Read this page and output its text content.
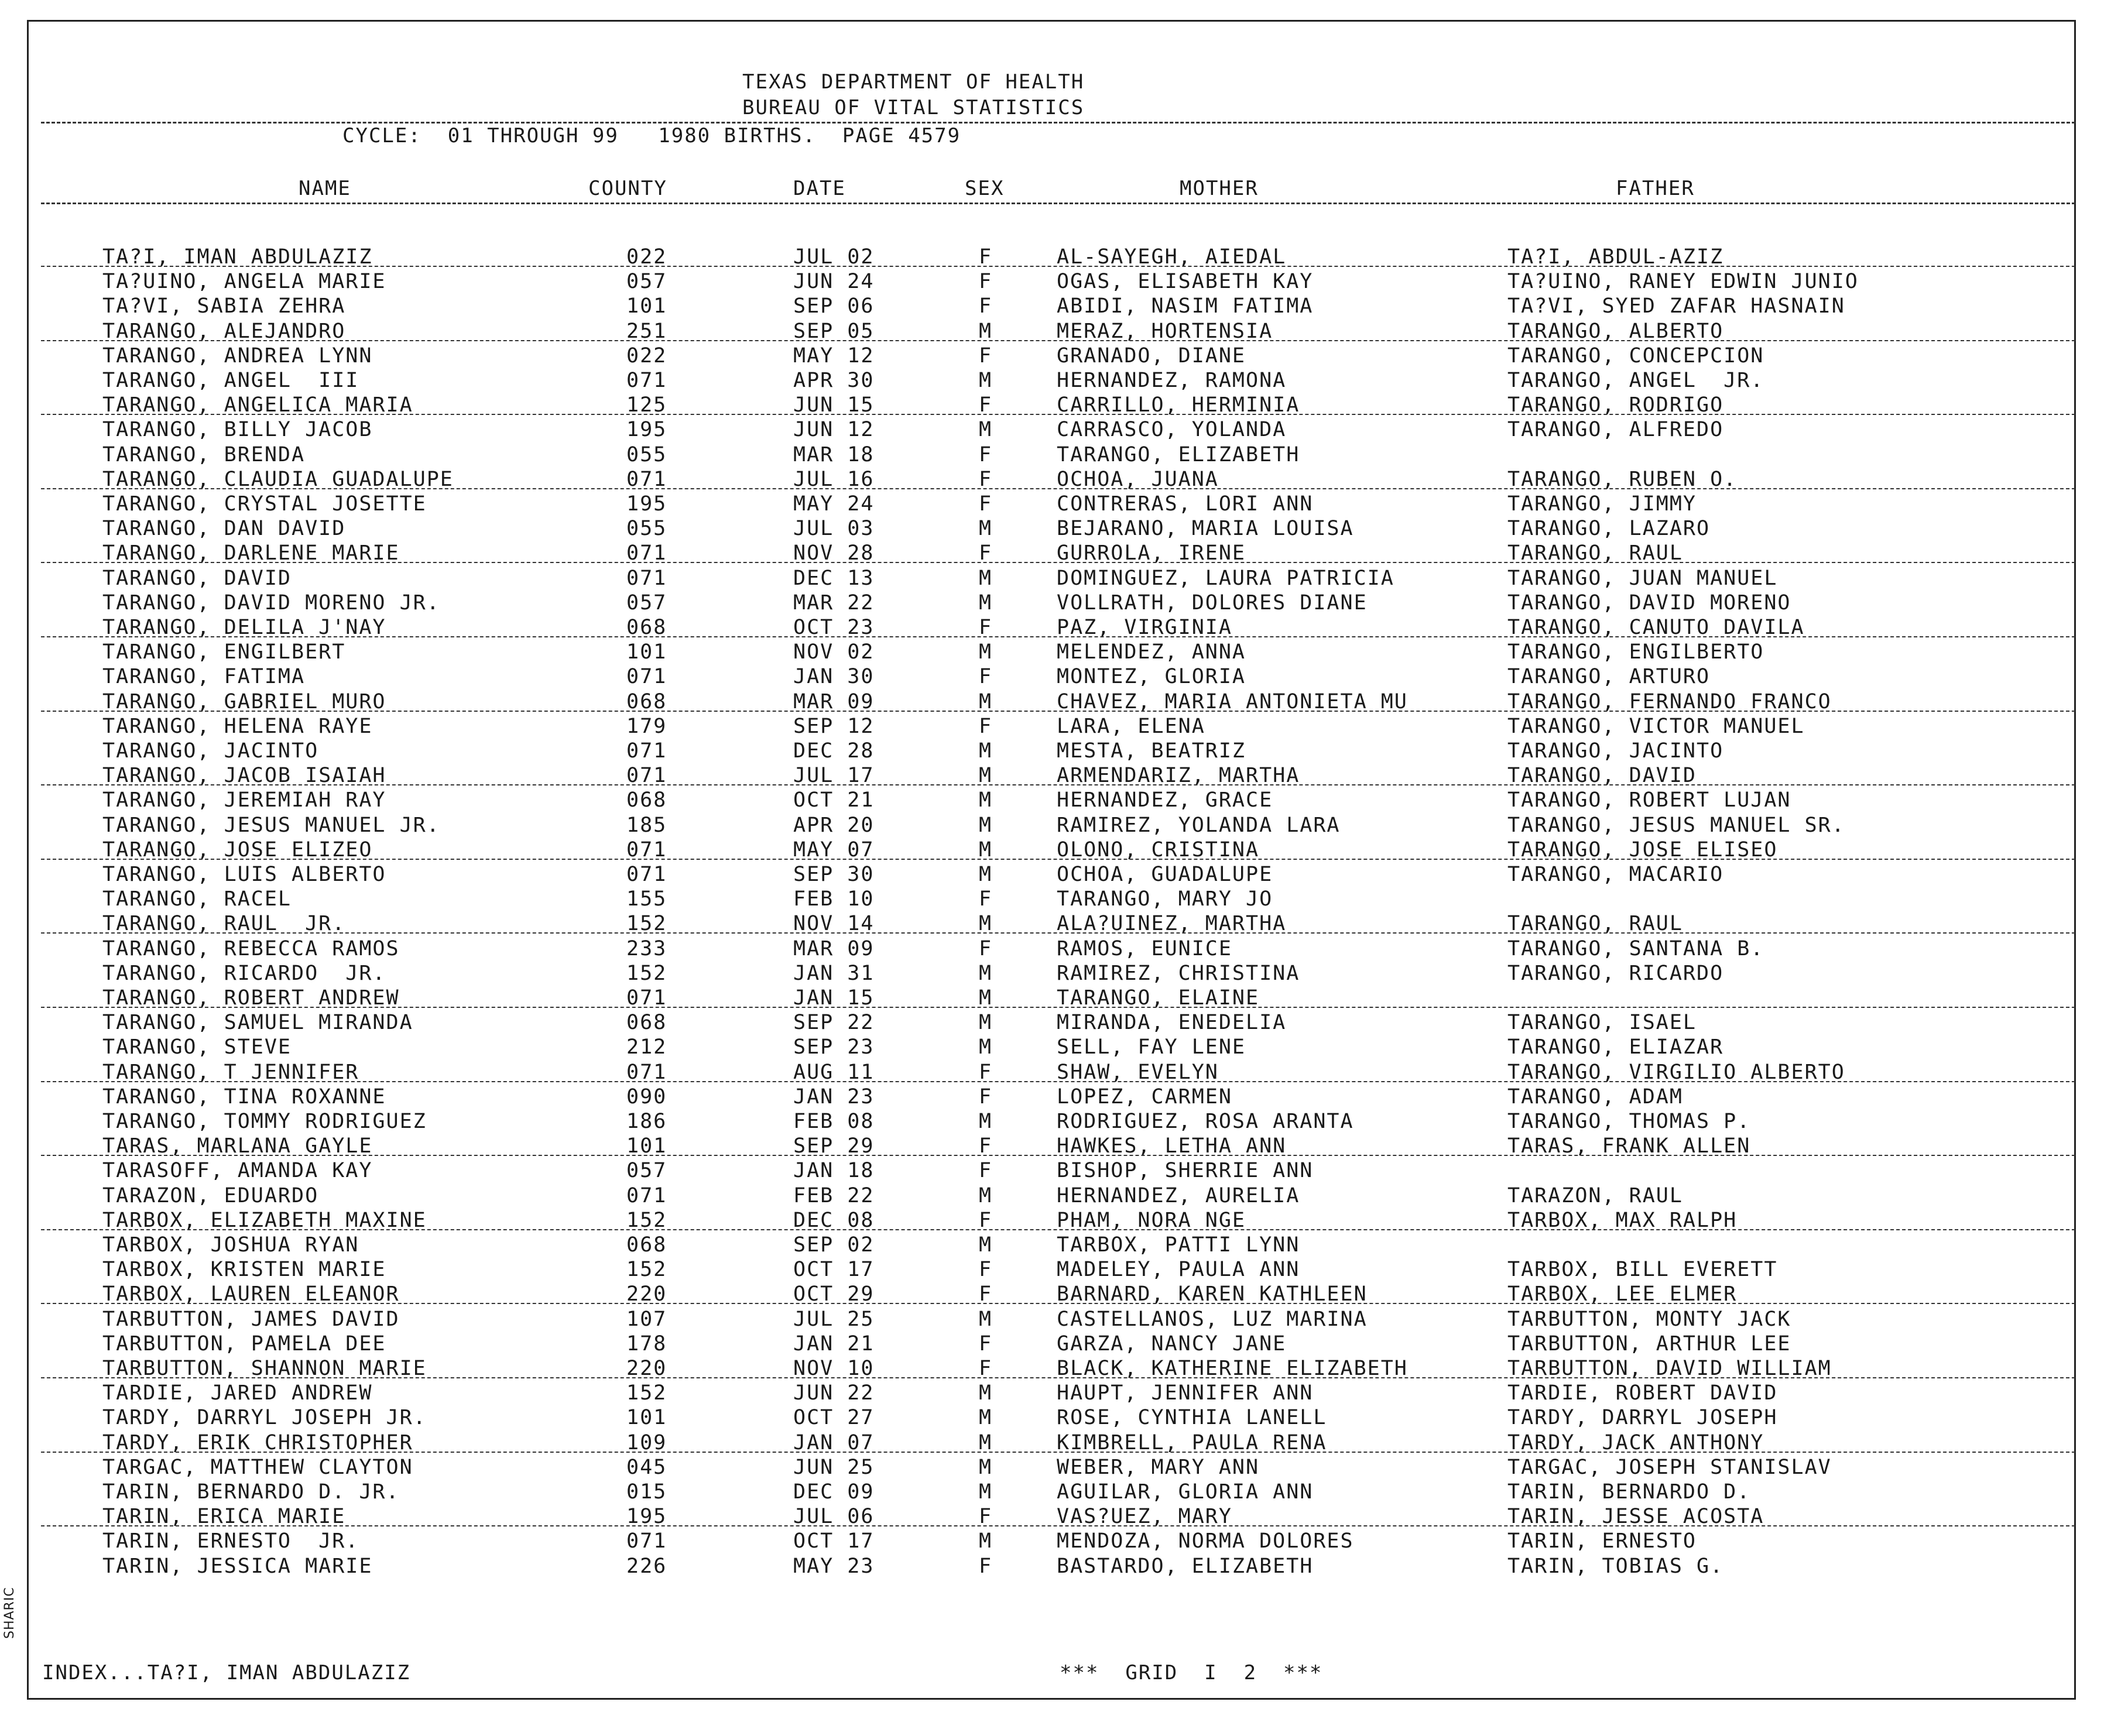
TEXAS DEPARTMENT OF HEALTH
BUREAU OF VITAL STATISTICS
CYCLE:  01 THROUGH 99   1980 BIRTHS.  PAGE 4579
NAME	COUNTY	DATE	SEX	MOTHER	FATHER
TA?I, IMAN ABDULAZIZ	022	JUL 02	F	AL-SAYEGH, AIEDAL	TA?I, ABDUL-AZIZ
TA?UINO, ANGELA MARIE	057	JUN 24	F	OGAS, ELISABETH KAY	TA?UINO, RANEY EDWIN JUNIO
TA?VI, SABIA ZEHRA	101	SEP 06	F	ABIDI, NASIM FATIMA	TA?VI, SYED ZAFAR HASNAIN
TARANGO, ALEJANDRO	251	SEP 05	M	MERAZ, HORTENSIA	TARANGO, ALBERTO
TARANGO, ANDREA LYNN	022	MAY 12	F	GRANADO, DIANE	TARANGO, CONCEPCION
TARANGO, ANGEL  III	071	APR 30	M	HERNANDEZ, RAMONA	TARANGO, ANGEL  JR.
TARANGO, ANGELICA MARIA	125	JUN 15	F	CARRILLO, HERMINIA	TARANGO, RODRIGO
TARANGO, BILLY JACOB	195	JUN 12	M	CARRASCO, YOLANDA	TARANGO, ALFREDO
TARANGO, BRENDA	055	MAR 18	F	TARANGO, ELIZABETH
TARANGO, CLAUDIA GUADALUPE	071	JUL 16	F	OCHOA, JUANA	TARANGO, RUBEN O.
TARANGO, CRYSTAL JOSETTE	195	MAY 24	F	CONTRERAS, LORI ANN	TARANGO, JIMMY
TARANGO, DAN DAVID	055	JUL 03	M	BEJARANO, MARIA LOUISA	TARANGO, LAZARO
TARANGO, DARLENE MARIE	071	NOV 28	F	GURROLA, IRENE	TARANGO, RAUL
TARANGO, DAVID	071	DEC 13	M	DOMINGUEZ, LAURA PATRICIA	TARANGO, JUAN MANUEL
TARANGO, DAVID MORENO JR.	057	MAR 22	M	VOLLRATH, DOLORES DIANE	TARANGO, DAVID MORENO
TARANGO, DELILA J'NAY	068	OCT 23	F	PAZ, VIRGINIA	TARANGO, CANUTO DAVILA
TARANGO, ENGILBERT	101	NOV 02	M	MELENDEZ, ANNA	TARANGO, ENGILBERTO
TARANGO, FATIMA	071	JAN 30	F	MONTEZ, GLORIA	TARANGO, ARTURO
TARANGO, GABRIEL MURO	068	MAR 09	M	CHAVEZ, MARIA ANTONIETA MU	TARANGO, FERNANDO FRANCO
TARANGO, HELENA RAYE	179	SEP 12	F	LARA, ELENA	TARANGO, VICTOR MANUEL
TARANGO, JACINTO	071	DEC 28	M	MESTA, BEATRIZ	TARANGO, JACINTO
TARANGO, JACOB ISAIAH	071	JUL 17	M	ARMENDARIZ, MARTHA	TARANGO, DAVID
TARANGO, JEREMIAH RAY	068	OCT 21	M	HERNANDEZ, GRACE	TARANGO, ROBERT LUJAN
TARANGO, JESUS MANUEL JR.	185	APR 20	M	RAMIREZ, YOLANDA LARA	TARANGO, JESUS MANUEL SR.
TARANGO, JOSE ELIZEO	071	MAY 07	M	OLONO, CRISTINA	TARANGO, JOSE ELISEO
TARANGO, LUIS ALBERTO	071	SEP 30	M	OCHOA, GUADALUPE	TARANGO, MACARIO
TARANGO, RACEL	155	FEB 10	F	TARANGO, MARY JO
TARANGO, RAUL  JR.	152	NOV 14	M	ALA?UINEZ, MARTHA	TARANGO, RAUL
TARANGO, REBECCA RAMOS	233	MAR 09	F	RAMOS, EUNICE	TARANGO, SANTANA B.
TARANGO, RICARDO  JR.	152	JAN 31	M	RAMIREZ, CHRISTINA	TARANGO, RICARDO
TARANGO, ROBERT ANDREW	071	JAN 15	M	TARANGO, ELAINE
TARANGO, SAMUEL MIRANDA	068	SEP 22	M	MIRANDA, ENEDELIA	TARANGO, ISAEL
TARANGO, STEVE	212	SEP 23	M	SELL, FAY LENE	TARANGO, ELIAZAR
TARANGO, T JENNIFER	071	AUG 11	F	SHAW, EVELYN	TARANGO, VIRGILIO ALBERTO
TARANGO, TINA ROXANNE	090	JAN 23	F	LOPEZ, CARMEN	TARANGO, ADAM
TARANGO, TOMMY RODRIGUEZ	186	FEB 08	M	RODRIGUEZ, ROSA ARANTA	TARANGO, THOMAS P.
TARAS, MARLANA GAYLE	101	SEP 29	F	HAWKES, LETHA ANN	TARAS, FRANK ALLEN
TARASOFF, AMANDA KAY	057	JAN 18	F	BISHOP, SHERRIE ANN
TARAZON, EDUARDO	071	FEB 22	M	HERNANDEZ, AURELIA	TARAZON, RAUL
TARBOX, ELIZABETH MAXINE	152	DEC 08	F	PHAM, NORA NGE	TARBOX, MAX RALPH
TARBOX, JOSHUA RYAN	068	SEP 02	M	TARBOX, PATTI LYNN
TARBOX, KRISTEN MARIE	152	OCT 17	F	MADELEY, PAULA ANN	TARBOX, BILL EVERETT
TARBOX, LAUREN ELEANOR	220	OCT 29	F	BARNARD, KAREN KATHLEEN	TARBOX, LEE ELMER
TARBUTTON, JAMES DAVID	107	JUL 25	M	CASTELLANOS, LUZ MARINA	TARBUTTON, MONTY JACK
TARBUTTON, PAMELA DEE	178	JAN 21	F	GARZA, NANCY JANE	TARBUTTON, ARTHUR LEE
TARBUTTON, SHANNON MARIE	220	NOV 10	F	BLACK, KATHERINE ELIZABETH	TARBUTTON, DAVID WILLIAM
TARDIE, JARED ANDREW	152	JUN 22	M	HAUPT, JENNIFER ANN	TARDIE, ROBERT DAVID
TARDY, DARRYL JOSEPH JR.	101	OCT 27	M	ROSE, CYNTHIA LANELL	TARDY, DARRYL JOSEPH
TARDY, ERIK CHRISTOPHER	109	JAN 07	M	KIMBRELL, PAULA RENA	TARDY, JACK ANTHONY
TARGAC, MATTHEW CLAYTON	045	JUN 25	M	WEBER, MARY ANN	TARGAC, JOSEPH STANISLAV
TARIN, BERNARDO D. JR.	015	DEC 09	M	AGUILAR, GLORIA ANN	TARIN, BERNARDO D.
TARIN, ERICA MARIE	195	JUL 06	F	VAS?UEZ, MARY	TARIN, JESSE ACOSTA
TARIN, ERNESTO  JR.	071	OCT 17	M	MENDOZA, NORMA DOLORES	TARIN, ERNESTO
TARIN, JESSICA MARIE	226	MAY 23	F	BASTARDO, ELIZABETH	TARIN, TOBIAS G.
INDEX...TA?I, IMAN ABDULAZIZ	***  GRID  I  2  ***
SHARIC
